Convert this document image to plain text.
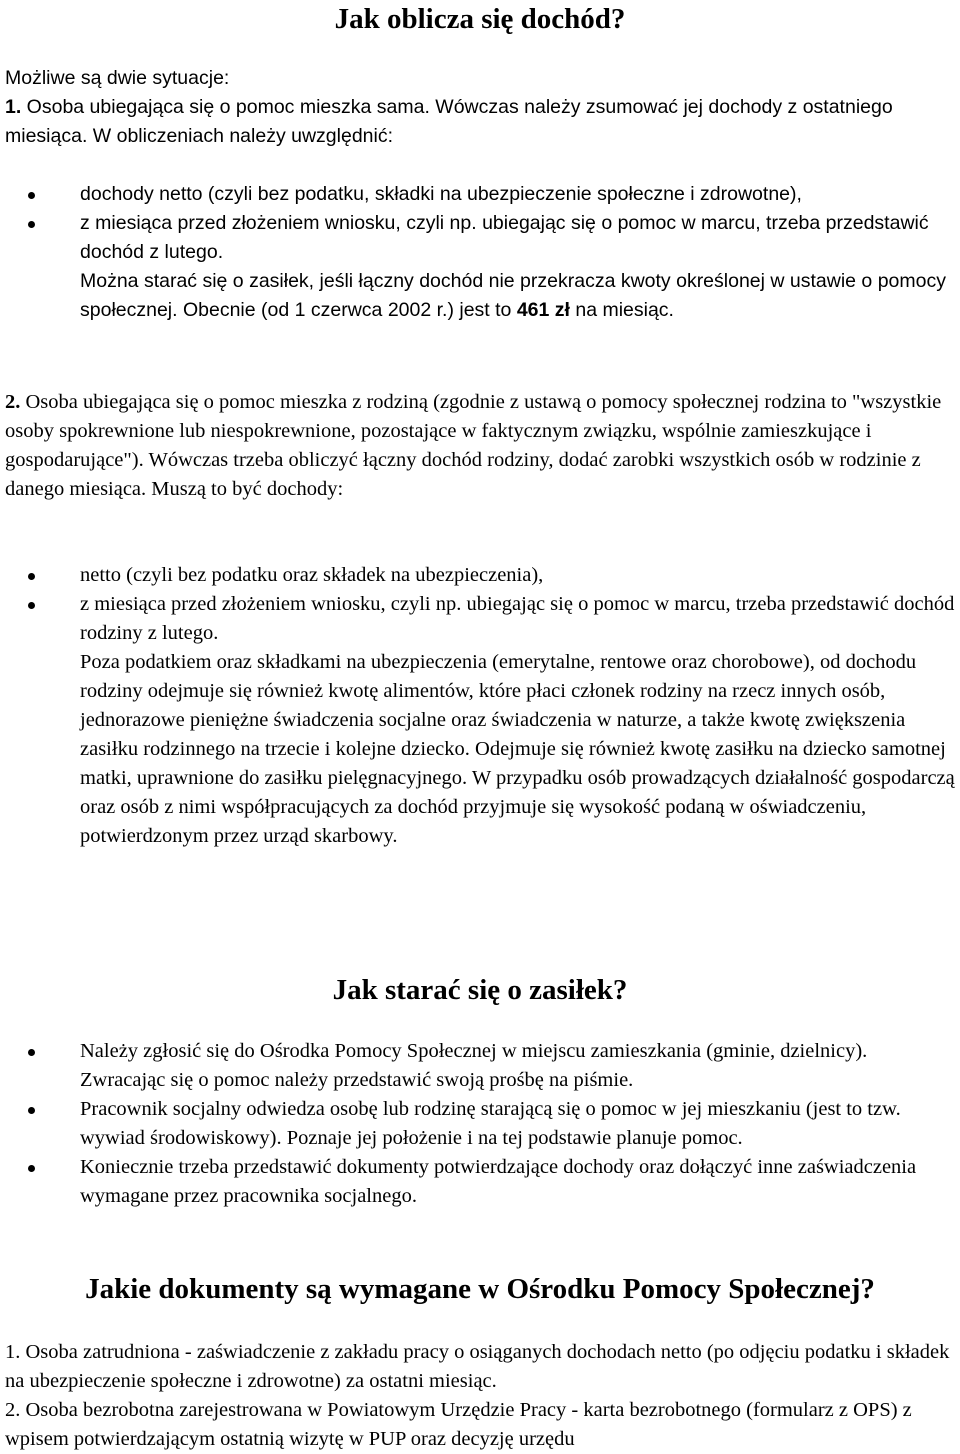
Jak oblicza się dochód?

Możliwe są dwie sytuacje:

1. Osoba ubiegająca się o pomoc mieszka sama. Wówczas należy zsumować jej dochody z ostatniego miesiąca. W obliczeniach należy uwzględnić:

dochody netto (czyli bez podatku, składki na ubezpieczenie społeczne i zdrowotne),
z miesiąca przed złożeniem wniosku, czyli np. ubiegając się o pomoc w marcu, trzeba przedstawić dochód z lutego.

Można starać się o zasiłek, jeśli łączny dochód nie przekracza kwoty określonej w ustawie o pomocy społecznej. Obecnie (od 1 czerwca 2002 r.) jest to 461 zł na miesiąc.

2. Osoba ubiegająca się o pomoc mieszka z rodziną (zgodnie z ustawą o pomocy społecznej rodzina to "wszystkie osoby spokrewnione lub niespokrewnione, pozostające w faktycznym związku, wspólnie zamieszkujące i gospodarujące"). Wówczas trzeba obliczyć łączny dochód rodziny, dodać zarobki wszystkich osób w rodzinie z danego miesiąca. Muszą to być dochody:

netto (czyli bez podatku oraz składek na ubezpieczenia),
z miesiąca przed złożeniem wniosku, czyli np. ubiegając się o pomoc w marcu, trzeba przedstawić dochód rodziny z lutego.

Poza podatkiem oraz składkami na ubezpieczenia (emerytalne, rentowe oraz chorobowe), od dochodu rodziny odejmuje się również kwotę alimentów, które płaci członek rodziny na rzecz innych osób, jednorazowe pieniężne świadczenia socjalne oraz świadczenia w naturze, a także kwotę zwiększenia zasiłku rodzinnego na trzecie i kolejne dziecko. Odejmuje się również kwotę zasiłku na dziecko samotnej matki, uprawnione do zasiłku pielęgnacyjnego. W przypadku osób prowadzących działalność gospodarczą oraz osób z nimi współpracujących za dochód przyjmuje się wysokość podaną w oświadczeniu, potwierdzonym przez urząd skarbowy.

Jak starać się o zasiłek?
Należy zgłosić się do Ośrodka Pomocy Społecznej w miejscu zamieszkania (gminie, dzielnicy). Zwracając się o pomoc należy przedstawić swoją prośbę na piśmie.
Pracownik socjalny odwiedza osobę lub rodzinę starającą się o pomoc w jej mieszkaniu (jest to tzw. wywiad środowiskowy). Poznaje jej położenie i na tej podstawie planuje pomoc.
Koniecznie trzeba przedstawić dokumenty potwierdzające dochody oraz dołączyć inne zaświadczenia wymagane przez pracownika socjalnego.
Jakie dokumenty są wymagane w Ośrodku Pomocy Społecznej?

1. Osoba zatrudniona - zaświadczenie z zakładu pracy o osiąganych dochodach netto (po odjęciu podatku i składek na ubezpieczenie społeczne i zdrowotne) za ostatni miesiąc.

2. Osoba bezrobotna zarejestrowana w Powiatowym Urzędzie Pracy - karta bezrobotnego (formularz z OPS) z wpisem potwierdzającym ostatnią wizytę w PUP oraz decyzję urzędu
